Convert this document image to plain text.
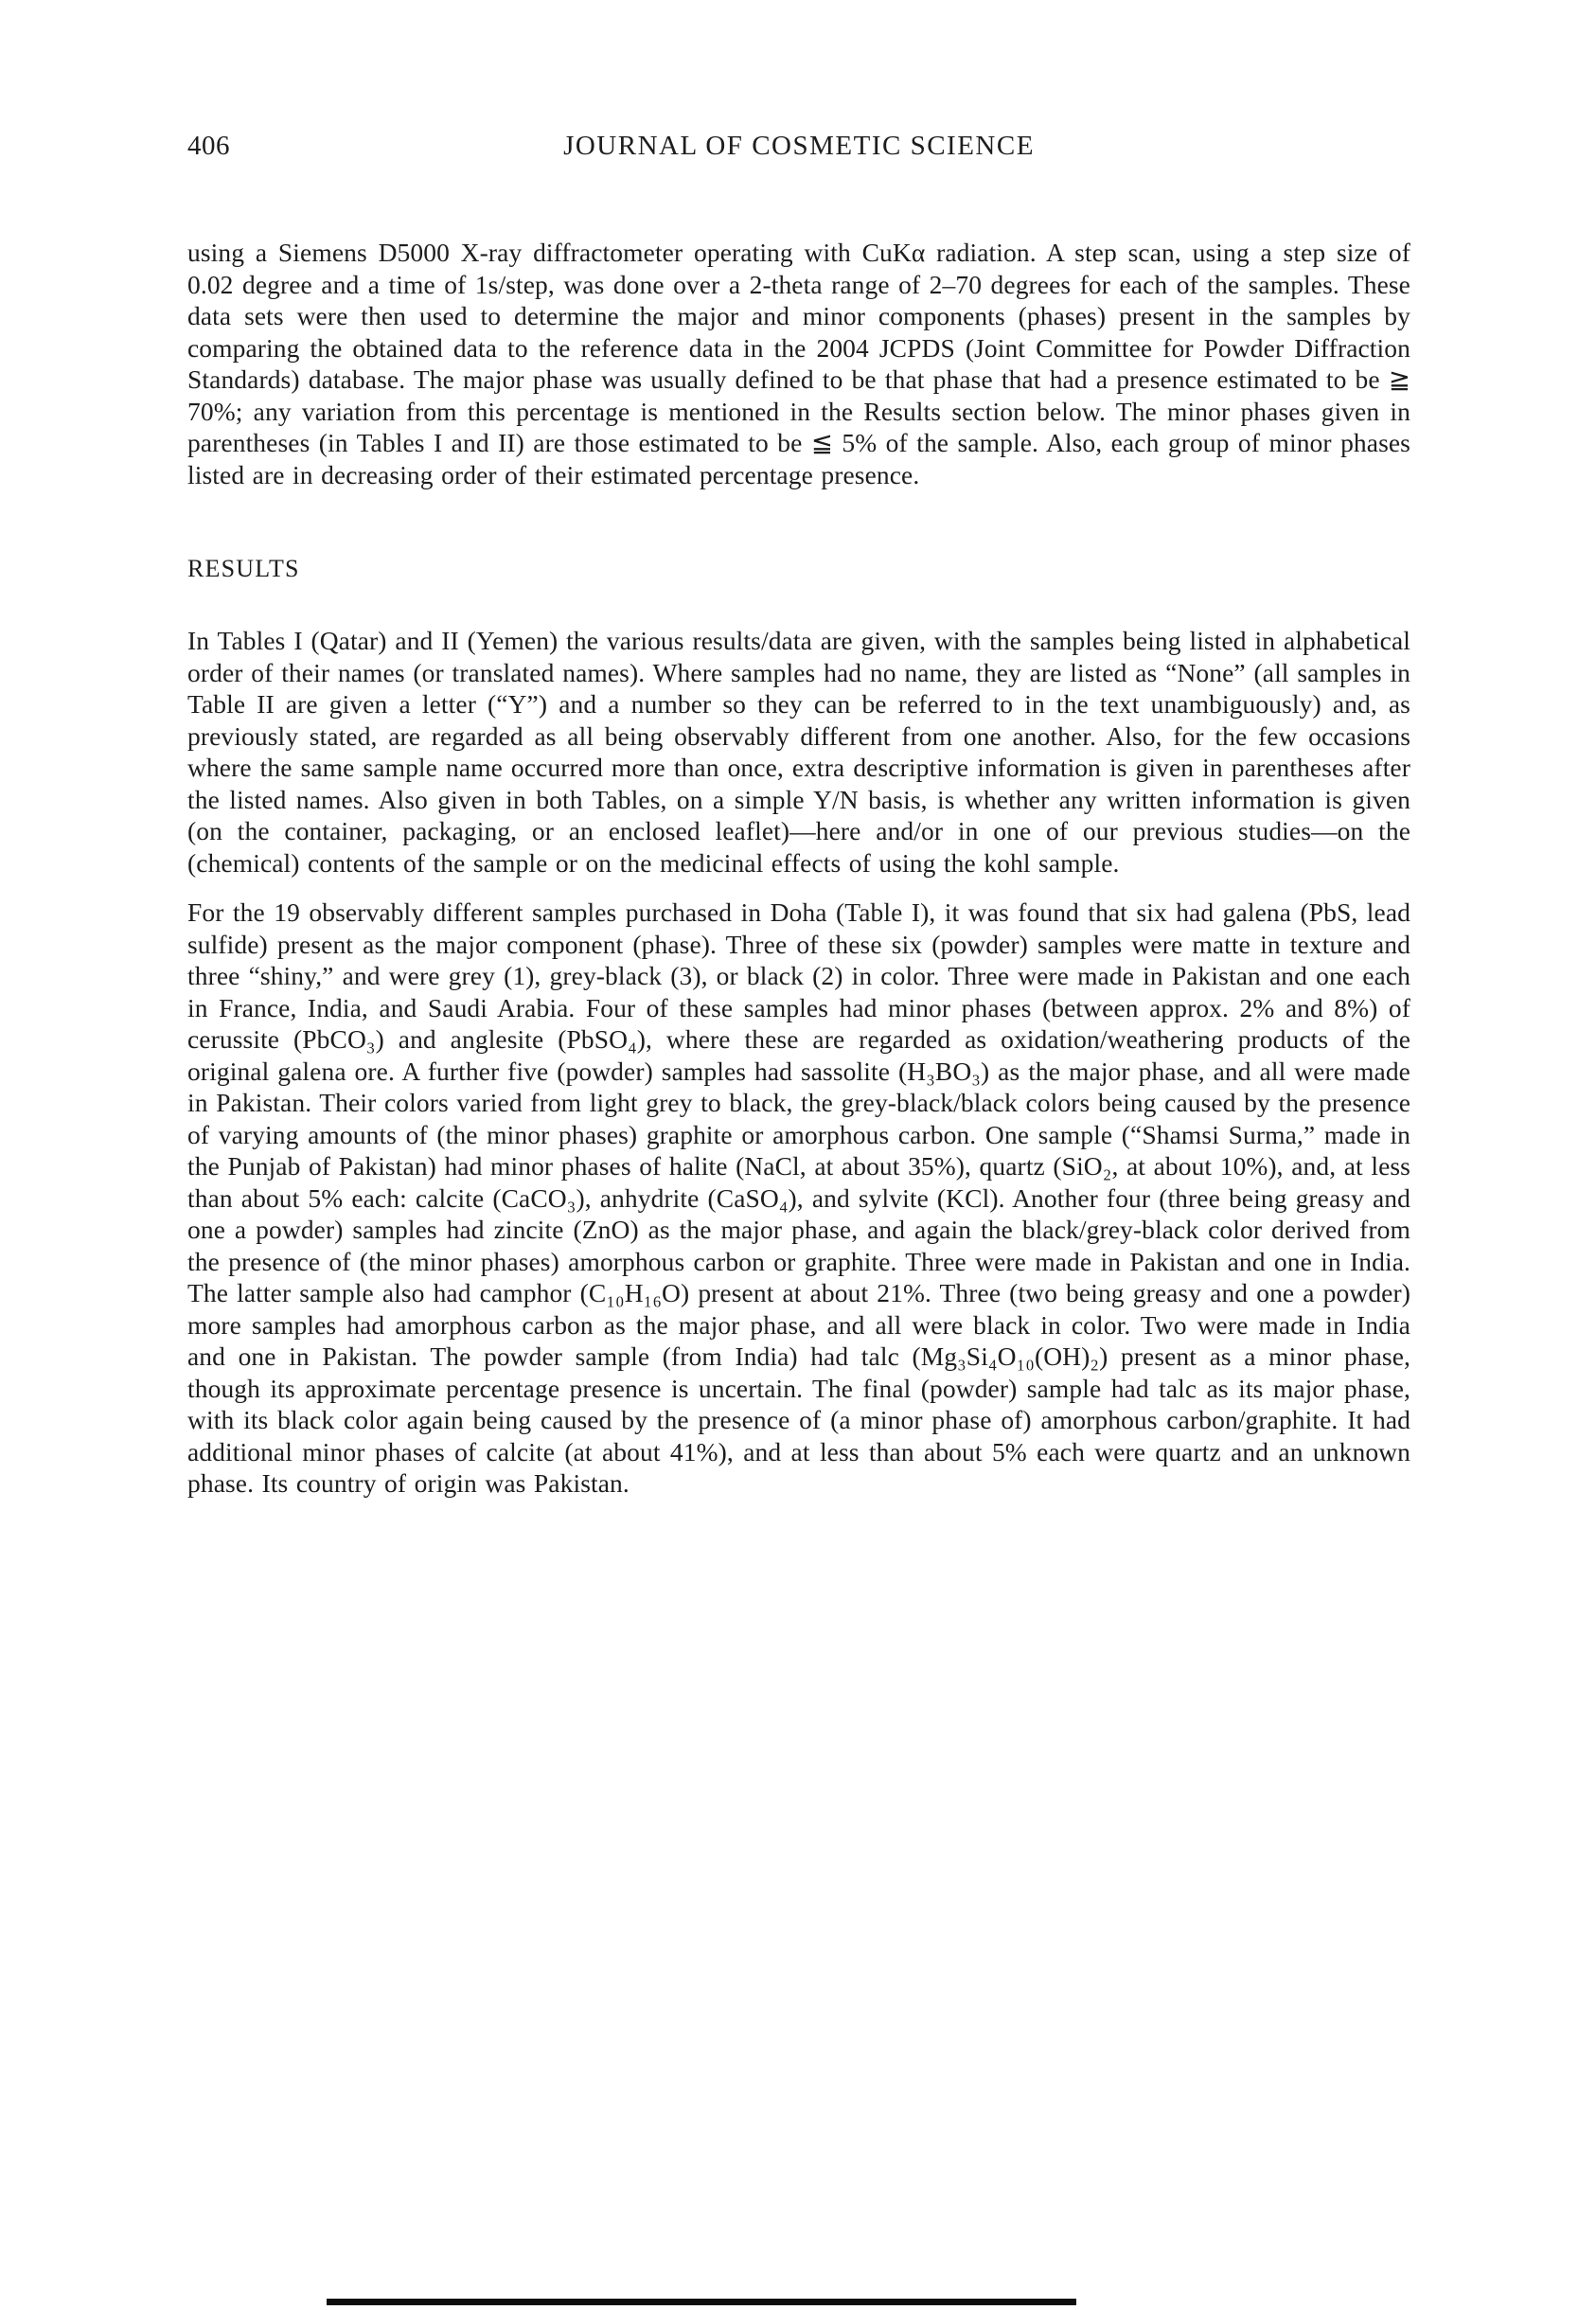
406	JOURNAL OF COSMETIC SCIENCE

using a Siemens D5000 X-ray diffractometer operating with CuKα radiation. A step scan, using a step size of 0.02 degree and a time of 1s/step, was done over a 2-theta range of 2–70 degrees for each of the samples. These data sets were then used to determine the major and minor components (phases) present in the samples by comparing the obtained data to the reference data in the 2004 JCPDS (Joint Committee for Powder Diffraction Standards) database. The major phase was usually defined to be that phase that had a presence estimated to be ≧ 70%; any variation from this percentage is mentioned in the Results section below. The minor phases given in parentheses (in Tables I and II) are those estimated to be ≦ 5% of the sample. Also, each group of minor phases listed are in decreasing order of their estimated percentage presence.

RESULTS

In Tables I (Qatar) and II (Yemen) the various results/data are given, with the samples being listed in alphabetical order of their names (or translated names). Where samples had no name, they are listed as “None” (all samples in Table II are given a letter (“Y”) and a number so they can be referred to in the text unambiguously) and, as previously stated, are regarded as all being observably different from one another. Also, for the few occasions where the same sample name occurred more than once, extra descriptive information is given in parentheses after the listed names. Also given in both Tables, on a simple Y/N basis, is whether any written information is given (on the container, packaging, or an enclosed leaflet)—here and/or in one of our previous studies—on the (chemical) contents of the sample or on the medicinal effects of using the kohl sample.

For the 19 observably different samples purchased in Doha (Table I), it was found that six had galena (PbS, lead sulfide) present as the major component (phase). Three of these six (powder) samples were matte in texture and three “shiny,” and were grey (1), grey-black (3), or black (2) in color. Three were made in Pakistan and one each in France, India, and Saudi Arabia. Four of these samples had minor phases (between approx. 2% and 8%) of cerussite (PbCO₃) and anglesite (PbSO₄), where these are regarded as oxidation/weathering products of the original galena ore. A further five (powder) samples had sassolite (H₃BO₃) as the major phase, and all were made in Pakistan. Their colors varied from light grey to black, the grey-black/black colors being caused by the presence of varying amounts of (the minor phases) graphite or amorphous carbon. One sample (“Shamsi Surma,” made in the Punjab of Pakistan) had minor phases of halite (NaCl, at about 35%), quartz (SiO₂, at about 10%), and, at less than about 5% each: calcite (CaCO₃), anhydrite (CaSO₄), and sylvite (KCl). Another four (three being greasy and one a powder) samples had zincite (ZnO) as the major phase, and again the black/grey-black color derived from the presence of (the minor phases) amorphous carbon or graphite. Three were made in Pakistan and one in India. The latter sample also had camphor (C₁₀H₁₆O) present at about 21%. Three (two being greasy and one a powder) more samples had amorphous carbon as the major phase, and all were black in color. Two were made in India and one in Pakistan. The powder sample (from India) had talc (Mg₃Si₄O₁₀(OH)₂) present as a minor phase, though its approximate percentage presence is uncertain. The final (powder) sample had talc as its major phase, with its black color again being caused by the presence of (a minor phase of) amorphous carbon/graphite. It had additional minor phases of calcite (at about 41%), and at less than about 5% each were quartz and an unknown phase. Its country of origin was Pakistan.
